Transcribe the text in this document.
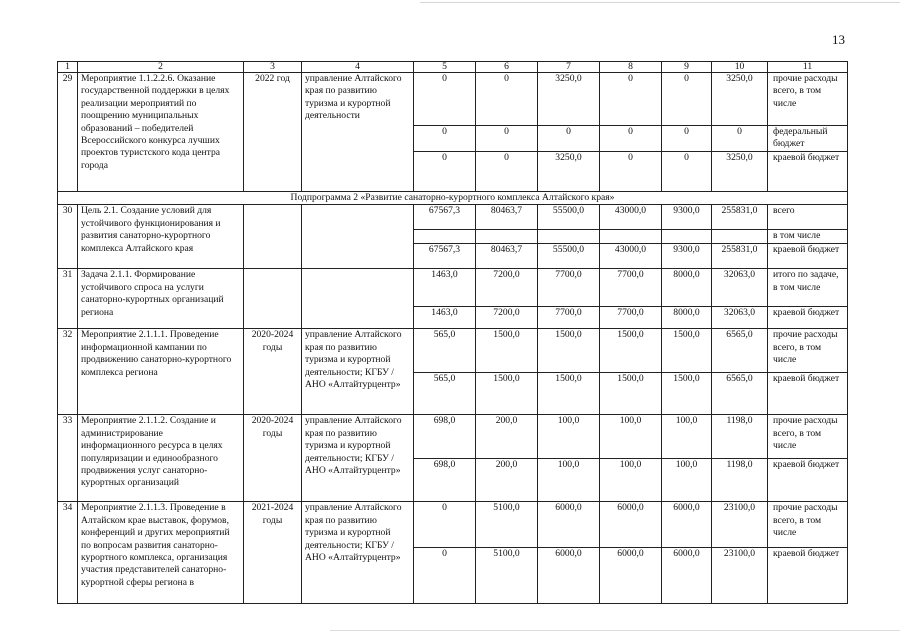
13
1	2	3	4	5	6	7	8	9	10	11
29	Мероприятие 1.1.2.2.6. Оказание государственной поддержки в целях реализации мероприятий по поощрению муниципальных образований – победителей Всероссийского конкурса лучших проектов туристского кода центра города	2022 год	управление Алтайского края по развитию туризма и курортной деятельности	0	0	3250,0	0	0	3250,0	прочие расходы всего, в том числе
				0	0	0	0	0	0	федеральный бюджет
				0	0	3250,0	0	0	3250,0	краевой бюджет
Подпрограмма 2 «Развитие санаторно-курортного комплекса Алтайского края»										
30	Цель 2.1. Создание условий для устойчивого функционирования и развития санаторно-курортного комплекса Алтайского края			67567,3	80463,7	55500,0	43000,0	9300,0	255831,0	всего
										в том числе
				67567,3	80463,7	55500,0	43000,0	9300,0	255831,0	краевой бюджет
31	Задача 2.1.1. Формирование устойчивого спроса на услуги санаторно-курортных организаций региона			1463,0	7200,0	7700,0	7700,0	8000,0	32063,0	итого по задаче, в том числе
				1463,0	7200,0	7700,0	7700,0	8000,0	32063,0	краевой бюджет
32	Мероприятие 2.1.1.1. Проведение информационной кампании по продвижению санаторно-курортного комплекса региона	2020-2024 годы	управление Алтайского края по развитию туризма и курортной деятельности; КГБУ / АНО «Алтайтурцентр»	565,0	1500,0	1500,0	1500,0	1500,0	6565,0	прочие расходы всего, в том числе
				565,0	1500,0	1500,0	1500,0	1500,0	6565,0	краевой бюджет
33	Мероприятие 2.1.1.2. Создание и администрирование информационного ресурса в целях популяризации и единообразного продвижения услуг санаторно-курортных организаций	2020-2024 годы	управление Алтайского края по развитию туризма и курортной деятельности; КГБУ / АНО «Алтайтурцентр»	698,0	200,0	100,0	100,0	100,0	1198,0	прочие расходы всего, в том числе
				698,0	200,0	100,0	100,0	100,0	1198,0	краевой бюджет
34	Мероприятие 2.1.1.3. Проведение в Алтайском крае выставок, форумов, конференций и других мероприятий по вопросам развития санаторно-курортного комплекса, организация участия представителей санаторно-курортной сферы региона в	2021-2024 годы	управление Алтайского края по развитию туризма и курортной деятельности; КГБУ / АНО «Алтайтурцентр»	0	5100,0	6000,0	6000,0	6000,0	23100,0	прочие расходы всего, в том числе
				0	5100,0	6000,0	6000,0	6000,0	23100,0	краевой бюджет
